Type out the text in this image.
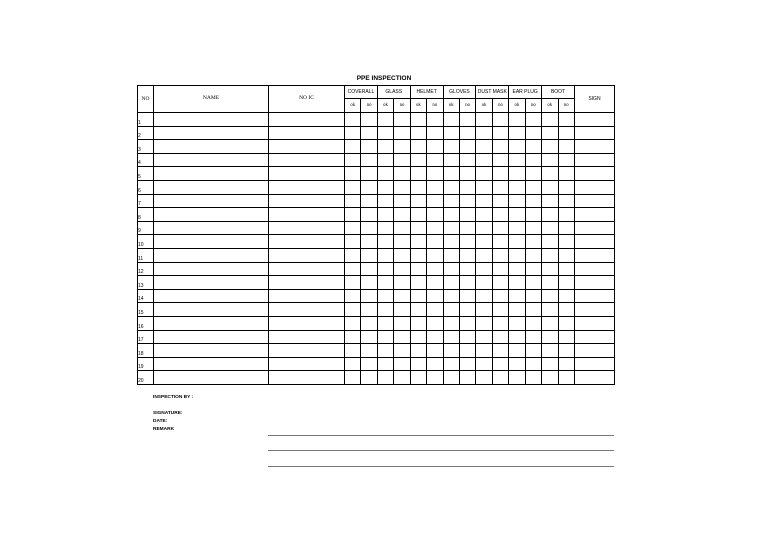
PPE INSPECTION
NO	NAME	NO IC	COVERALL		GLASS		HELMET		GLOVES		DUST MASK		EAR PLUG		BOOT		SIGN
			ok	no	ok	no	ok	no	ok	no	ok	no	ok	no	ok	no	
1																	
2																	
3																	
4																	
5																	
6																	
7																	
8																	
9																	
10																	
11																	
12																	
13																	
14																	
15																	
16																	
17																	
18																	
19																	
20																	
INSPECTION BY :
SIGNATURE:
DATE:
REMARK
